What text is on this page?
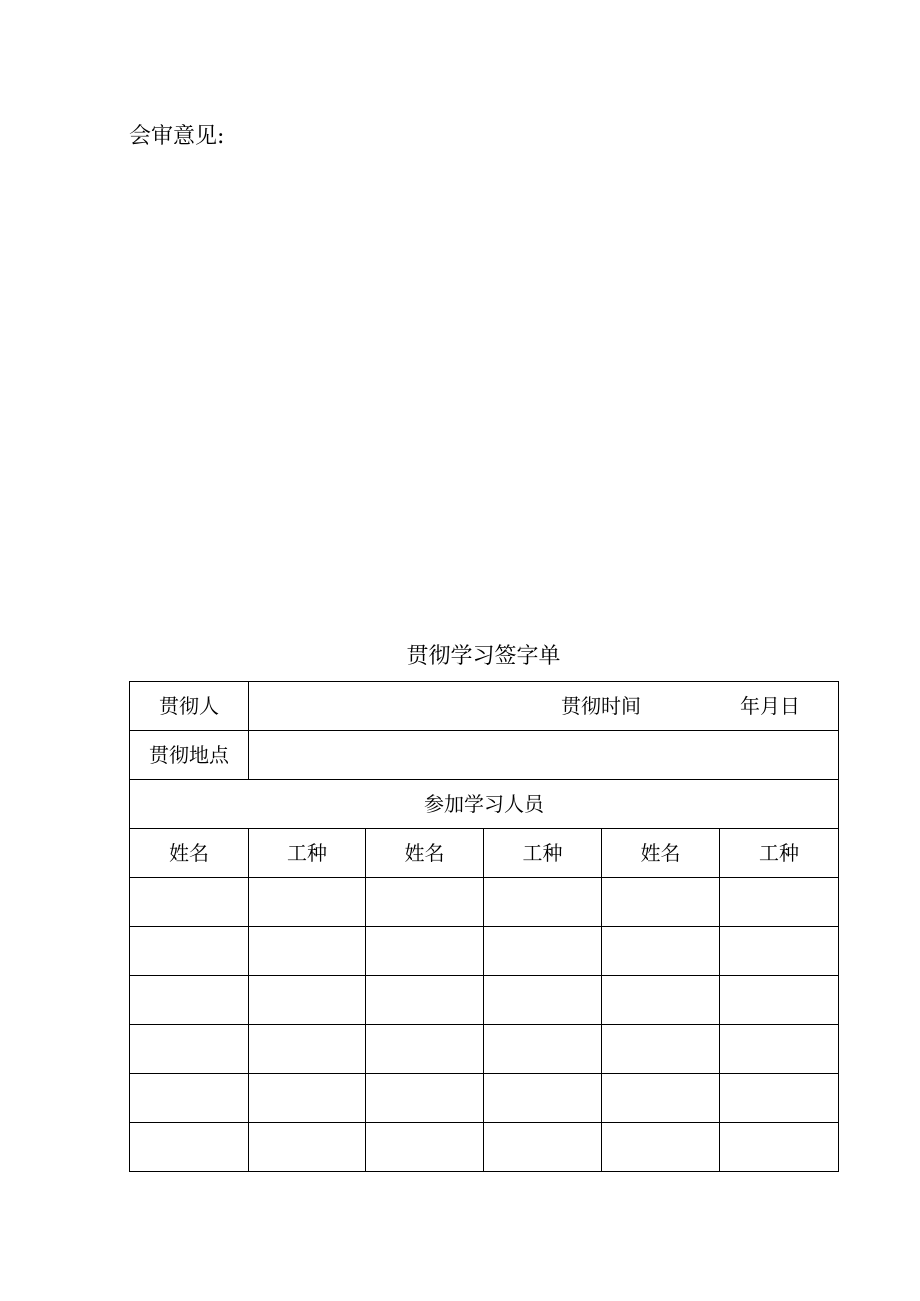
会审意见:
贯彻学习签字单
贯彻人	贯彻时间 年月日				

贯彻地点					
参加学习人员					
姓名	工种	姓名	工种	姓名	工种
